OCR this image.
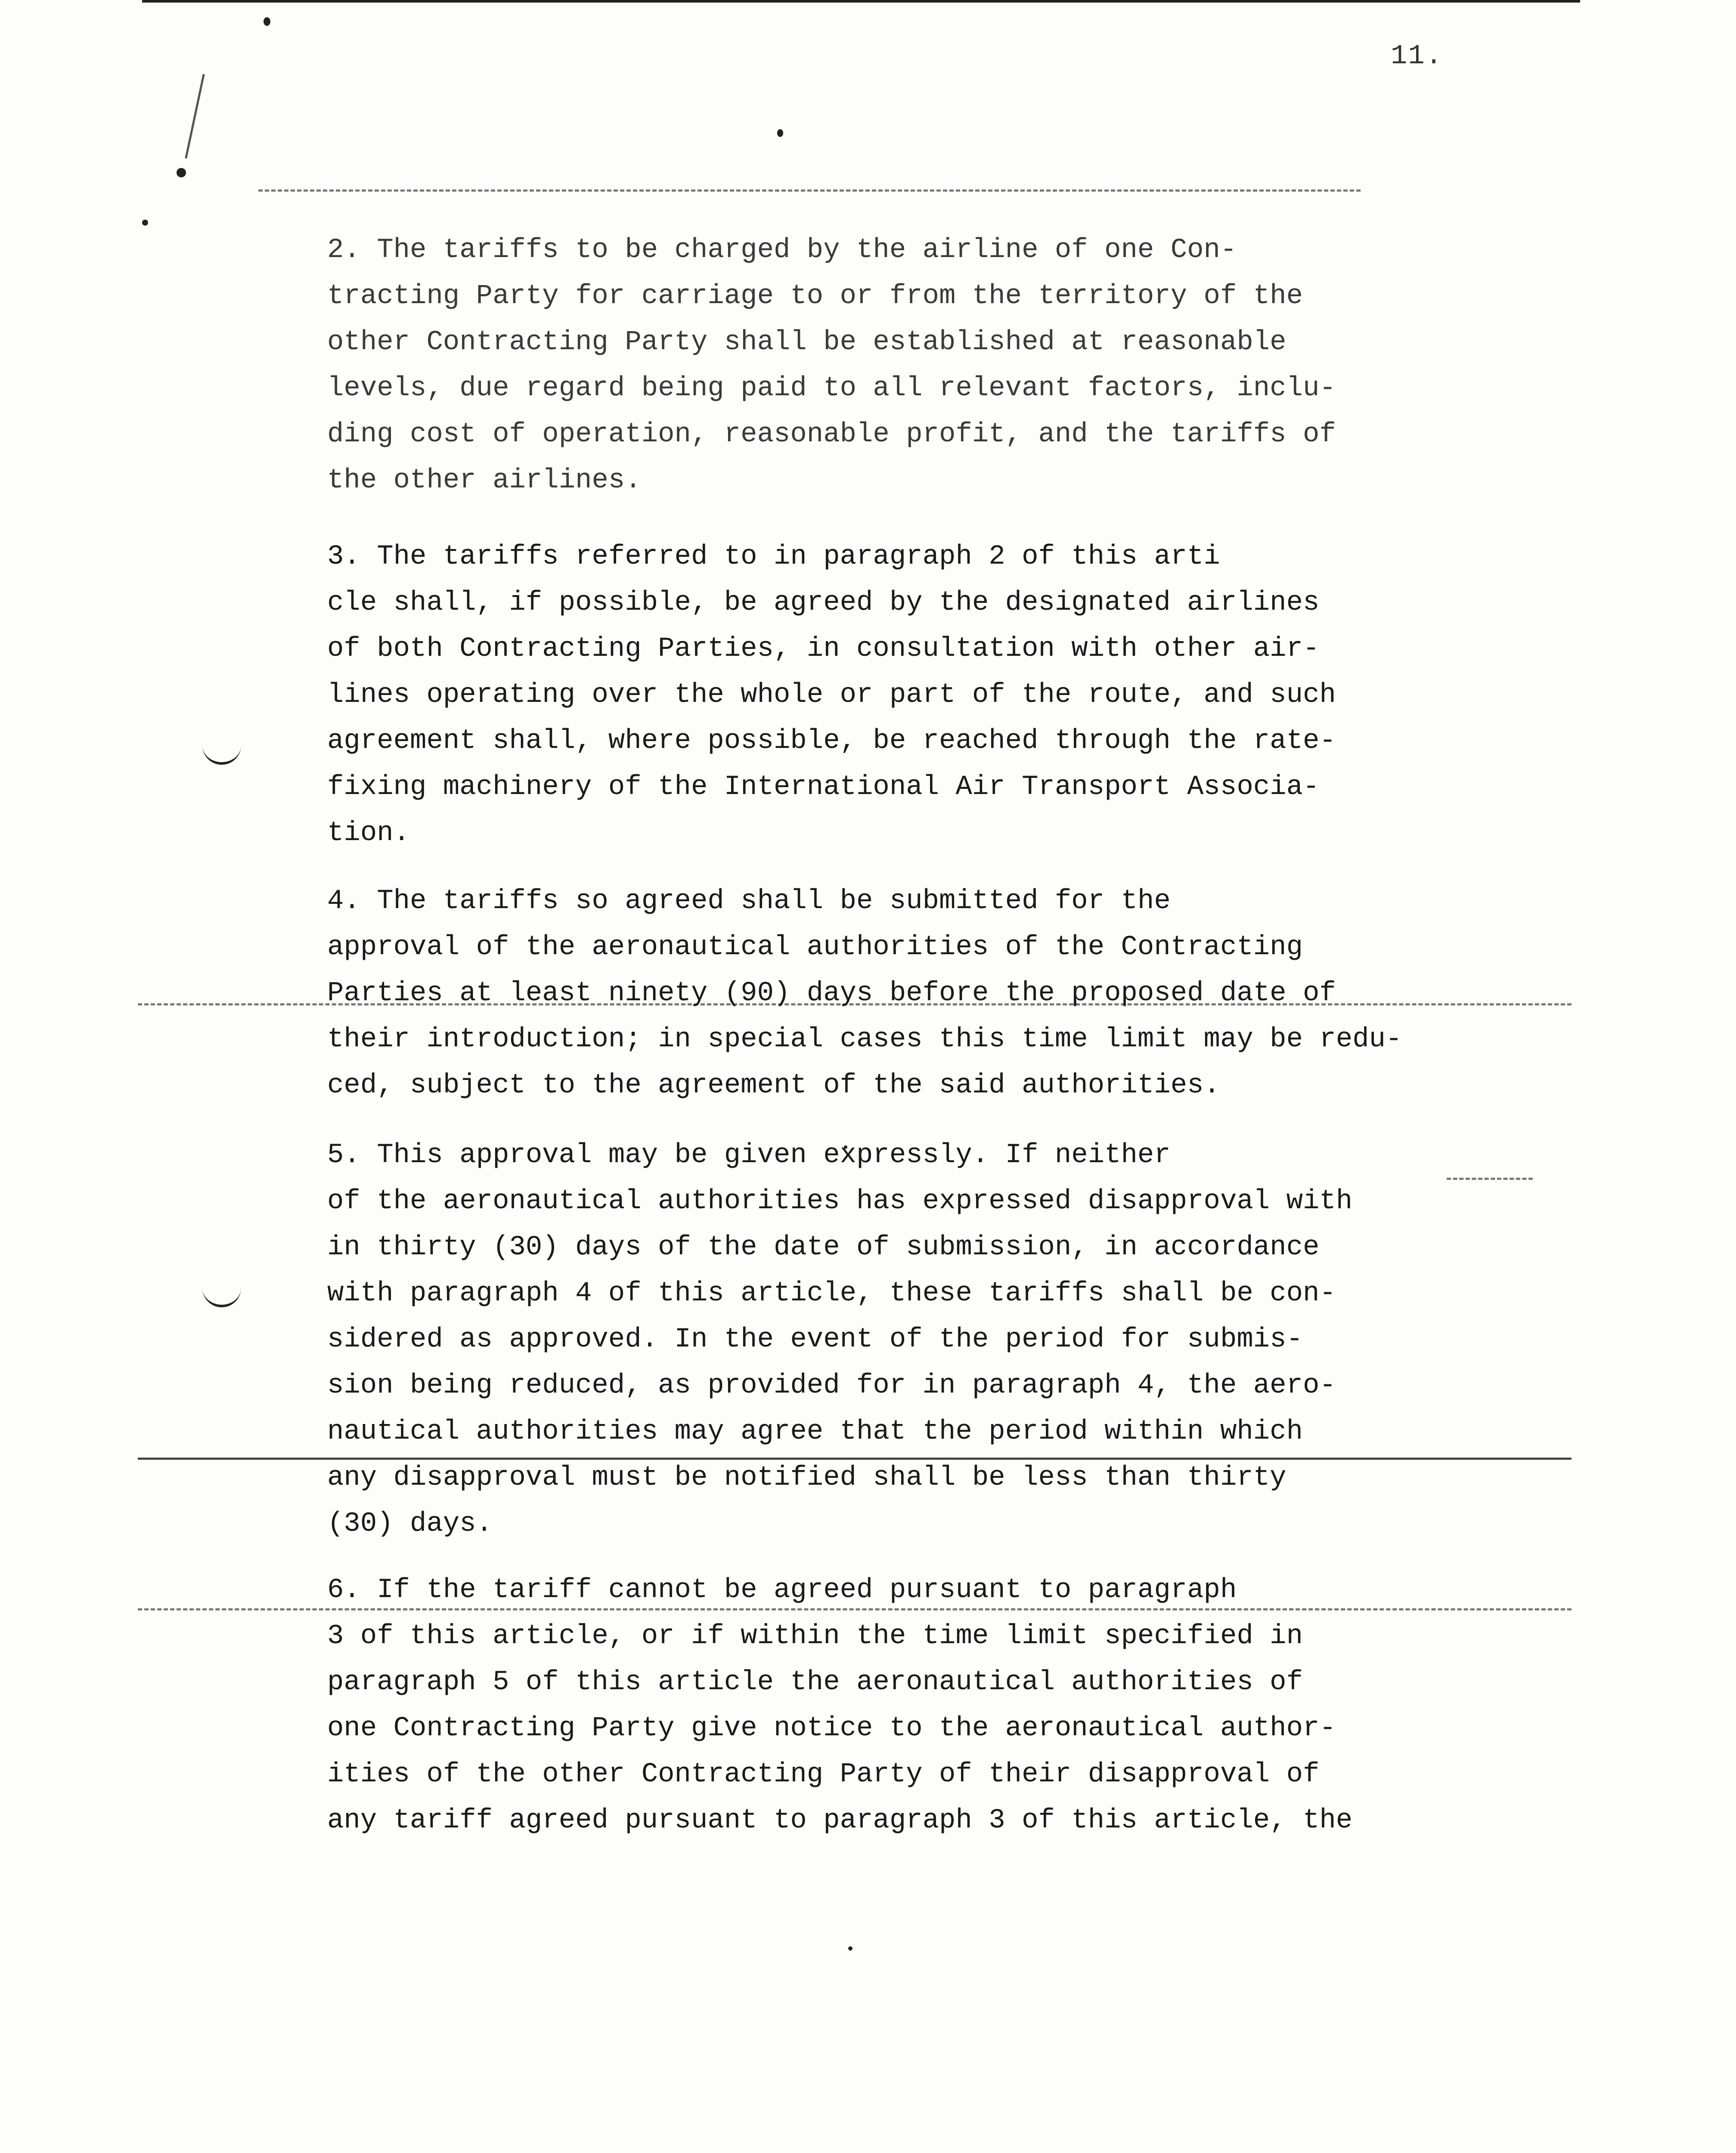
11.

2. The tariffs to be charged by the airline of one Con-
tracting Party for carriage to or from the territory of the
other Contracting Party shall be established at reasonable
levels, due regard being paid to all relevant factors, inclu-
ding cost of operation, reasonable profit, and the tariffs of
the other airlines.

3. The tariffs referred to in paragraph 2 of this arti
cle shall, if possible, be agreed by the designated airlines
of both Contracting Parties, in consultation with other air-
lines operating over the whole or part of the route, and such
agreement shall, where possible, be reached through the rate-
fixing machinery of the International Air Transport Associa-
tion.

4. The tariffs so agreed shall be submitted for the
approval of the aeronautical authorities of the Contracting
Parties at least ninety (90) days before the proposed date of
their introduction; in special cases this time limit may be redu-
ced, subject to the agreement of the said authorities.

5. This approval may be given expressly. If neither
of the aeronautical authorities has expressed disapproval with
in thirty (30) days of the date of submission, in accordance
with paragraph 4 of this article, these tariffs shall be con-
sidered as approved. In the event of the period for submis-
sion being reduced, as provided for in paragraph 4, the aero-
nautical authorities may agree that the period within which
any disapproval must be notified shall be less than thirty
(30) days.

6. If the tariff cannot be agreed pursuant to paragraph
3 of this article, or if within the time limit specified in
paragraph 5 of this article the aeronautical authorities of
one Contracting Party give notice to the aeronautical author-
ities of the other Contracting Party of their disapproval of
any tariff agreed pursuant to paragraph 3 of this article, the
